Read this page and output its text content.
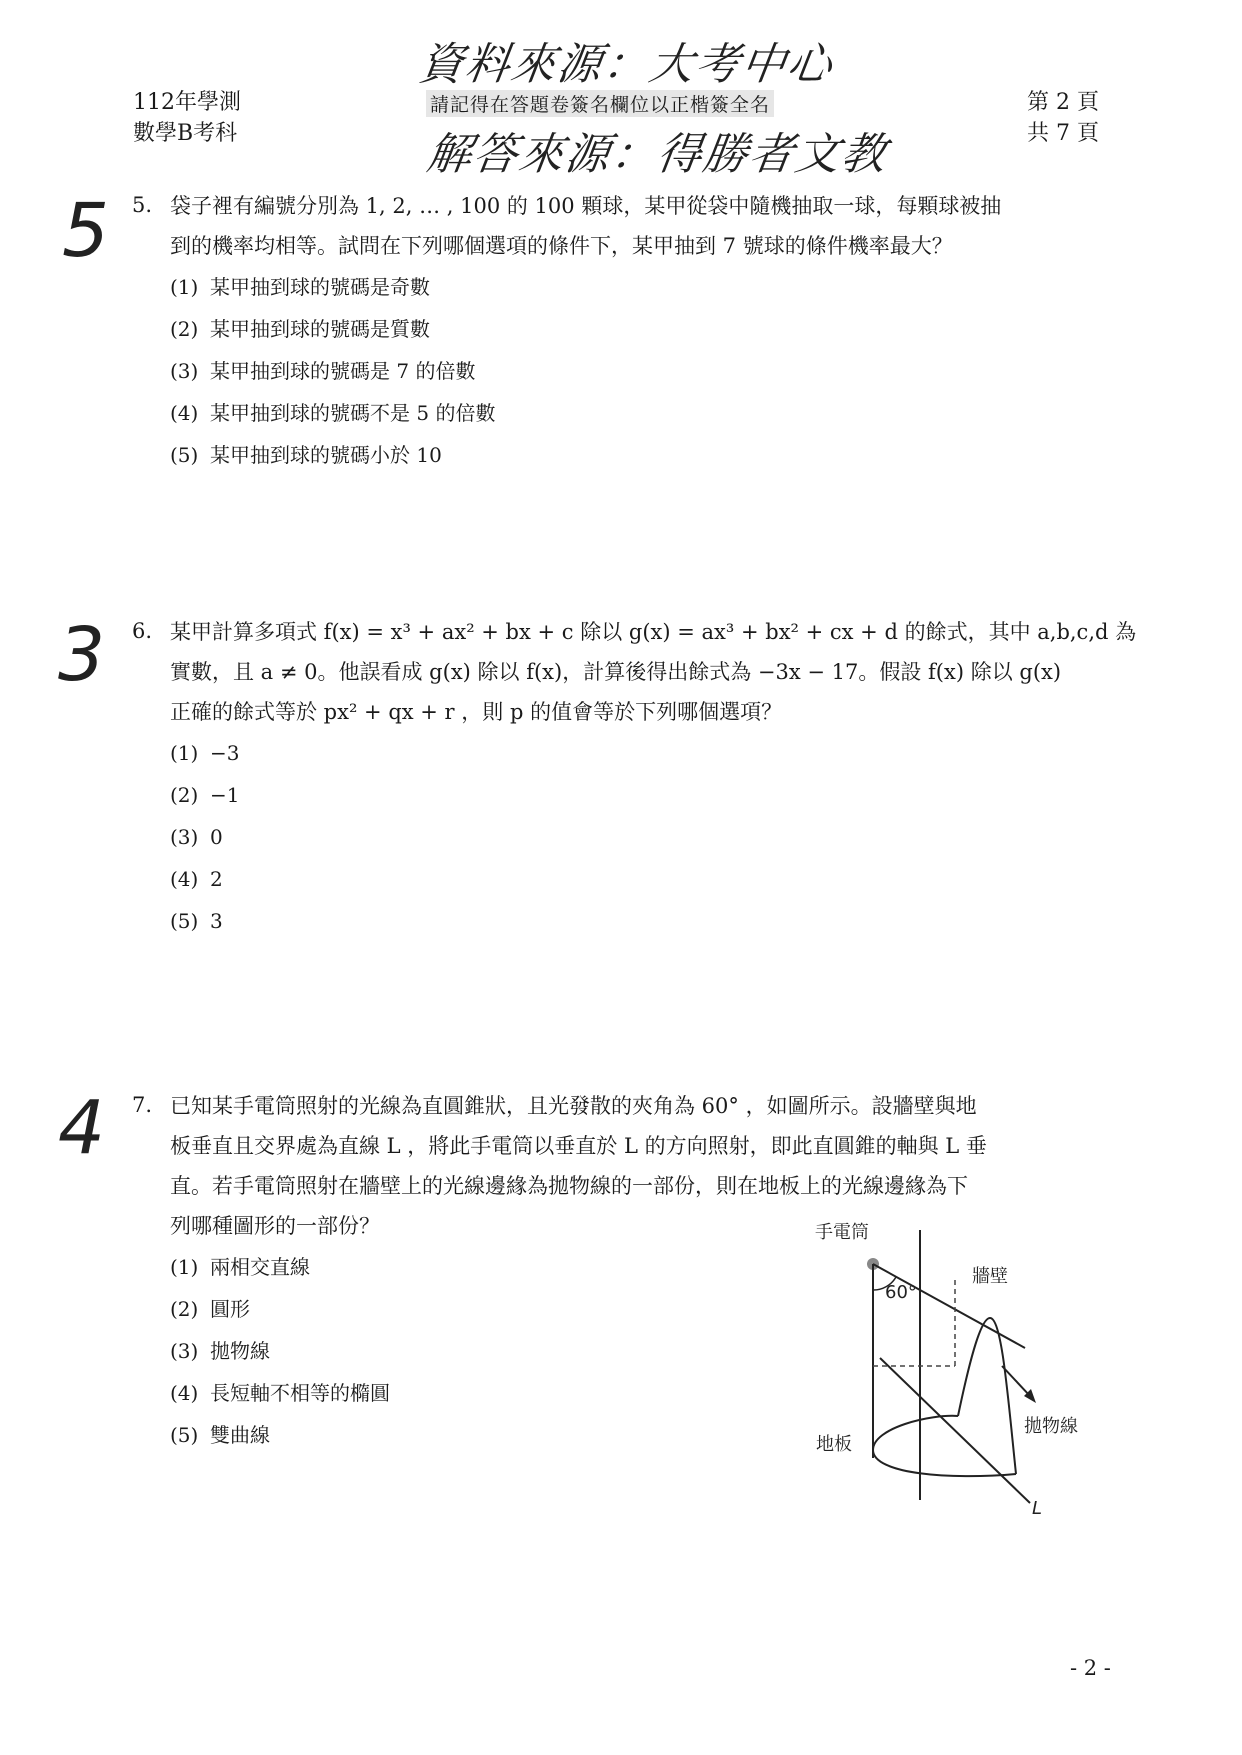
112年學測
數學B考科
第 2 頁
共 7 頁
請記得在答題卷簽名欄位以正楷簽全名
資料來源：大考中心
解答來源：得勝者文教
5
3
4
5. 袋子裡有編號分別為 1, 2, … , 100 的 100 顆球，某甲從袋中隨機抽取一球，每顆球被抽
到的機率均相等。試問在下列哪個選項的條件下，某甲抽到 7 號球的條件機率最大？
(1) 某甲抽到球的號碼是奇數
(2) 某甲抽到球的號碼是質數
(3) 某甲抽到球的號碼是 7 的倍數
(4) 某甲抽到球的號碼不是 5 的倍數
(5) 某甲抽到球的號碼小於 10
6. 某甲計算多項式 f(x) = x³ + ax² + bx + c 除以 g(x) = ax³ + bx² + cx + d 的餘式，其中 a,b,c,d 為
實數，且 a ≠ 0。他誤看成 g(x) 除以 f(x)，計算後得出餘式為 −3x − 17。假設 f(x) 除以 g(x)
正確的餘式等於 px² + qx + r ，則 p 的值會等於下列哪個選項？
(1) −3
(2) −1
(3) 0
(4) 2
(5) 3
7. 已知某手電筒照射的光線為直圓錐狀，且光發散的夾角為 60° ，如圖所示。設牆壁與地
板垂直且交界處為直線 L ，將此手電筒以垂直於 L 的方向照射，即此直圓錐的軸與 L 垂
直。若手電筒照射在牆壁上的光線邊緣為拋物線的一部份，則在地板上的光線邊緣為下
列哪種圖形的一部份？
(1) 兩相交直線
(2) 圓形
(3) 拋物線
(4) 長短軸不相等的橢圓
(5) 雙曲線
手電筒
牆壁
60°
拋物線
地板
L
- 2 -
